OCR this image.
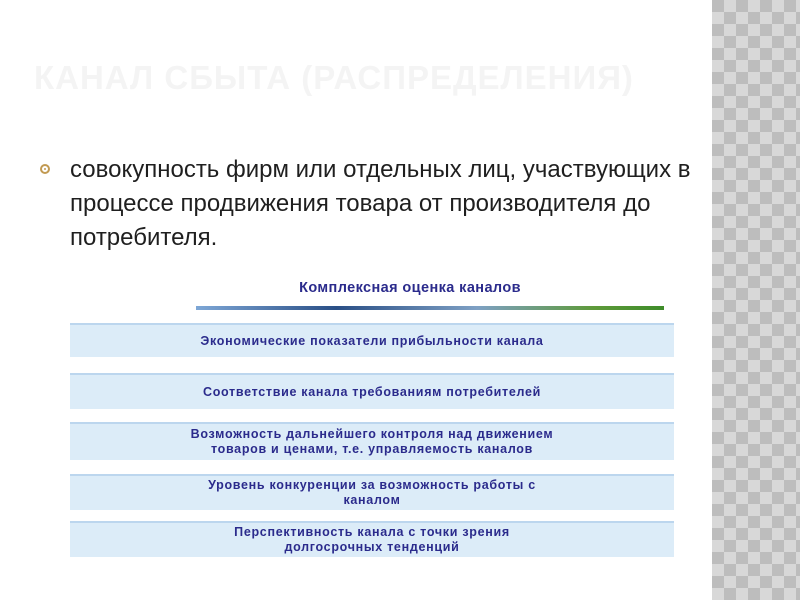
КАНАЛ СБЫТА (РАСПРЕДЕЛЕНИЯ)
совокупность фирм или отдельных лиц, участвующих в процессе продвижения товара от производителя до потребителя.
Комплексная оценка каналов
Экономические показатели прибыльности канала
Соответствие канала требованиям потребителей
Возможность дальнейшего контроля над движением
товаров и ценами, т.е. управляемость каналов
Уровень конкуренции за возможность работы с
каналом
Перспективность канала с точки зрения
долгосрочных тенденций
